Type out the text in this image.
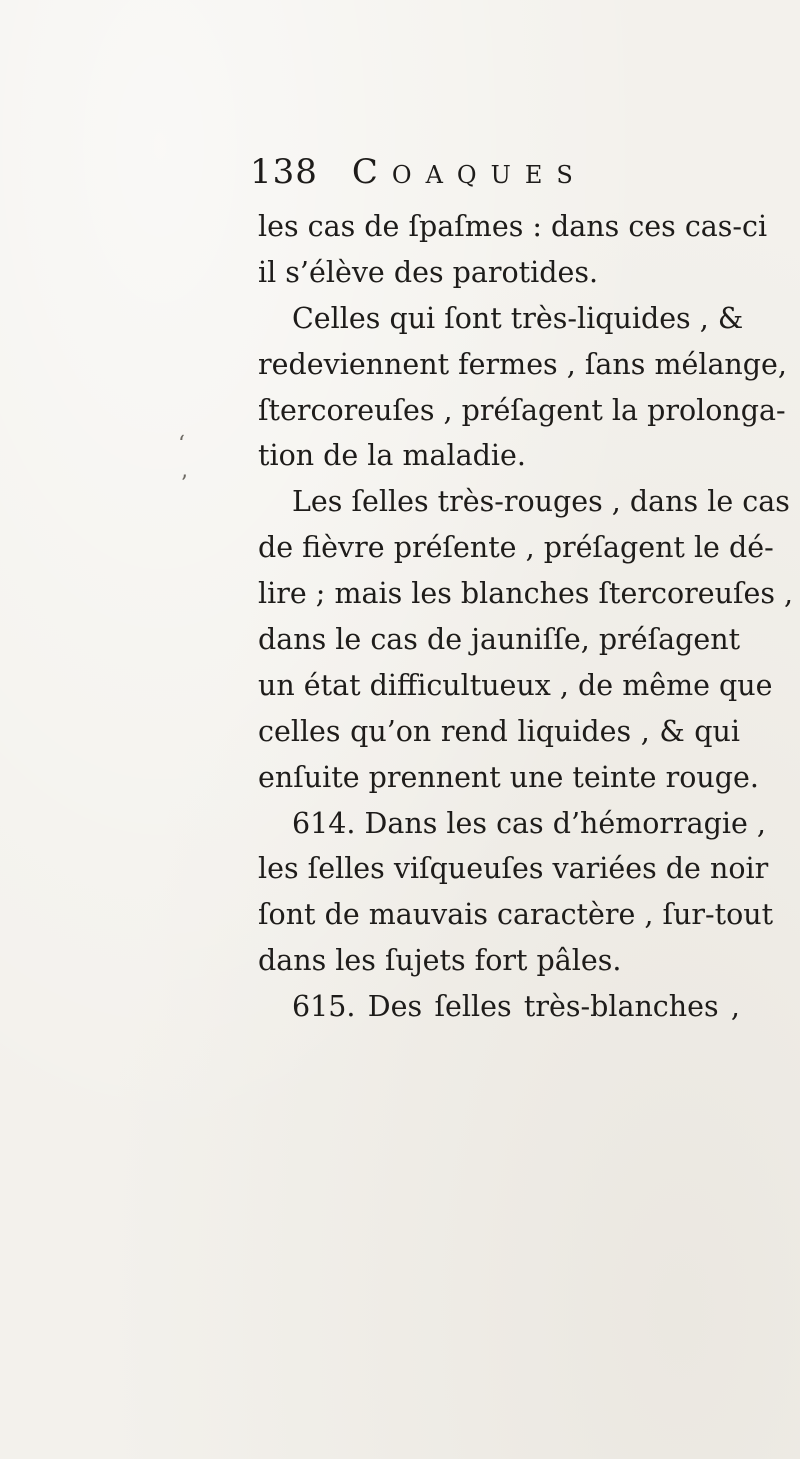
138 Coaques
ʻ
ʼ
les cas de ſpaſmes : dans ces cas-ci
il s’élève des parotides.
Celles qui ſont très-liquides , &
redeviennent fermes , ſans mélange,
ſtercoreuſes , préſagent la prolonga-
tion de la maladie.
Les ſelles très-rouges , dans le cas
de fièvre préſente , préſagent le dé-
lire ; mais les blanches ſtercoreuſes ,
dans le cas de jauniſſe, préſagent
un état difficultueux , de même que
celles qu’on rend liquides , & qui
enſuite prennent une teinte rouge.
614. Dans les cas d’hémorragie ,
les ſelles viſqueuſes variées de noir
ſont de mauvais caractère , ſur-tout
dans les ſujets fort pâles.
615. Des ſelles très-blanches ,
